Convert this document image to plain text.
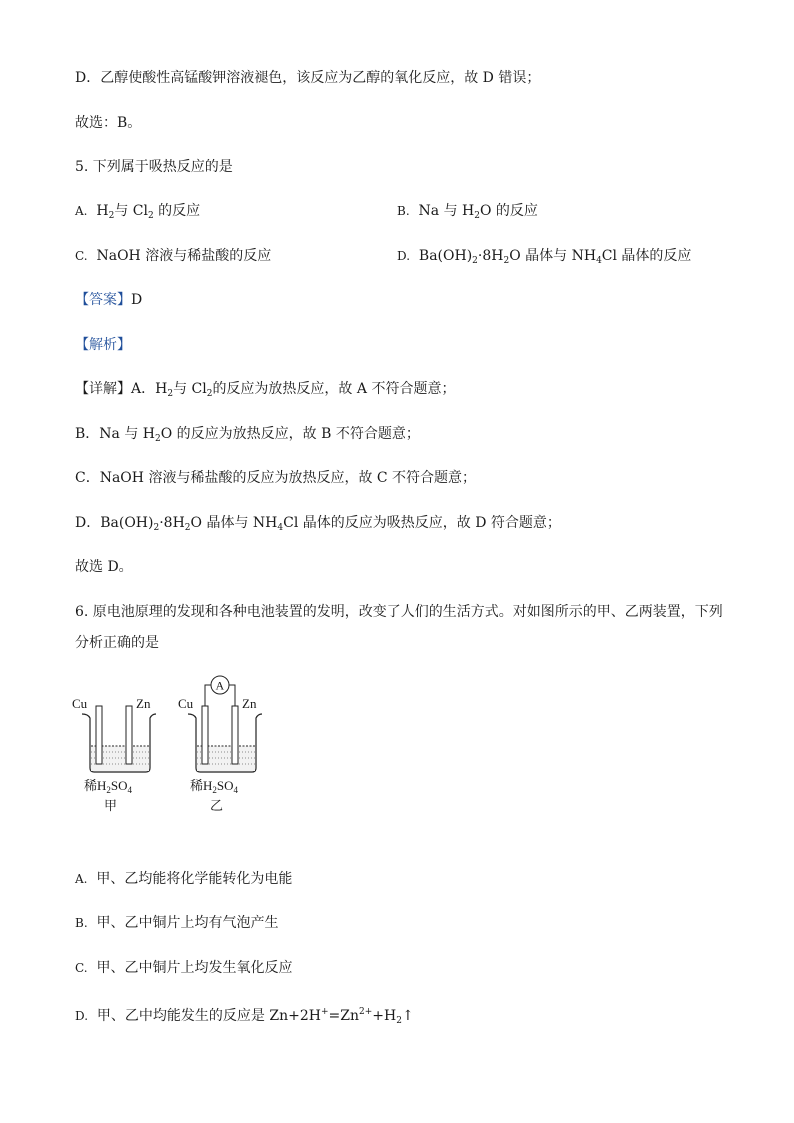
D．乙醇使酸性高锰酸钾溶液褪色，该反应为乙醇的氧化反应，故 D 错误；
故选：B。
5. 下列属于吸热反应的是
A. $H_2$与 $Cl_2$ 的反应	B. Na 与 $H_2O$ 的反应
C. NaOH 溶液与稀盐酸的反应	D. $Ba(OH)_2\cdot 8H_2O$ 晶体与 $NH_4Cl$ 晶体的反应
【答案】D
【解析】
【详解】A．$H_2$与 $Cl_2$的反应为放热反应，故 A 不符合题意；
B．Na 与 $H_2O$ 的反应为放热反应，故 B 不符合题意；
C．NaOH 溶液与稀盐酸的反应为放热反应，故 C 不符合题意；
D．$Ba(OH)_2\cdot 8H_2O$ 晶体与 $NH_4Cl$ 晶体的反应为吸热反应，故 D 符合题意；
故选 D。
6. 原电池原理的发现和各种电池装置的发明，改变了人们的生活方式。对如图所示的甲、乙两装置，下列
分析正确的是
Cu	Zn
稀$H_2SO_4$
甲
Cu	Zn
A
稀$H_2SO_4$
乙
A. 甲、乙均能将化学能转化为电能
B. 甲、乙中铜片上均有气泡产生
C. 甲、乙中铜片上均发生氧化反应
D. 甲、乙中均能发生的反应是 $Zn+2H^+=Zn^{2+}+H_2↑$
